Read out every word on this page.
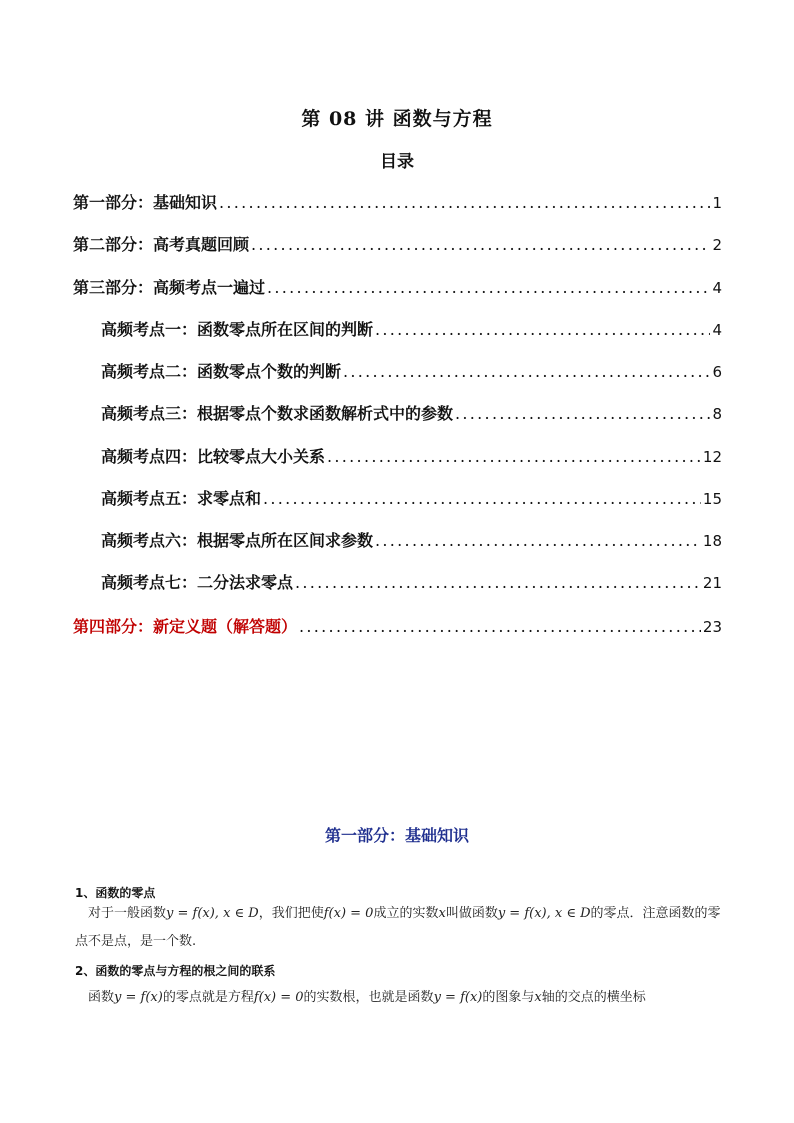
第 08 讲 函数与方程
目录
第一部分：基础知识 .....	1
第二部分：高考真题回顾 .....	2
第三部分：高频考点一遍过 .....	4
高频考点一：函数零点所在区间的判断 .....	4
高频考点二：函数零点个数的判断 .....	6
高频考点三：根据零点个数求函数解析式中的参数 .....	8
高频考点四：比较零点大小关系 .....	12
高频考点五：求零点和 .....	15
高频考点六：根据零点所在区间求参数 .....	18
高频考点七：二分法求零点 .....	21
第四部分：新定义题（解答题） .....	23
第一部分：基础知识
1、函数的零点
对于一般函数y = f(x), x ∈ D，我们把使f(x) = 0成立的实数x叫做函数y = f(x), x ∈ D的零点．注意函数的零点不是点，是一个数.
2、函数的零点与方程的根之间的联系
函数y = f(x)的零点就是方程f(x) = 0的实数根，也就是函数y = f(x)的图象与x轴的交点的横坐标
